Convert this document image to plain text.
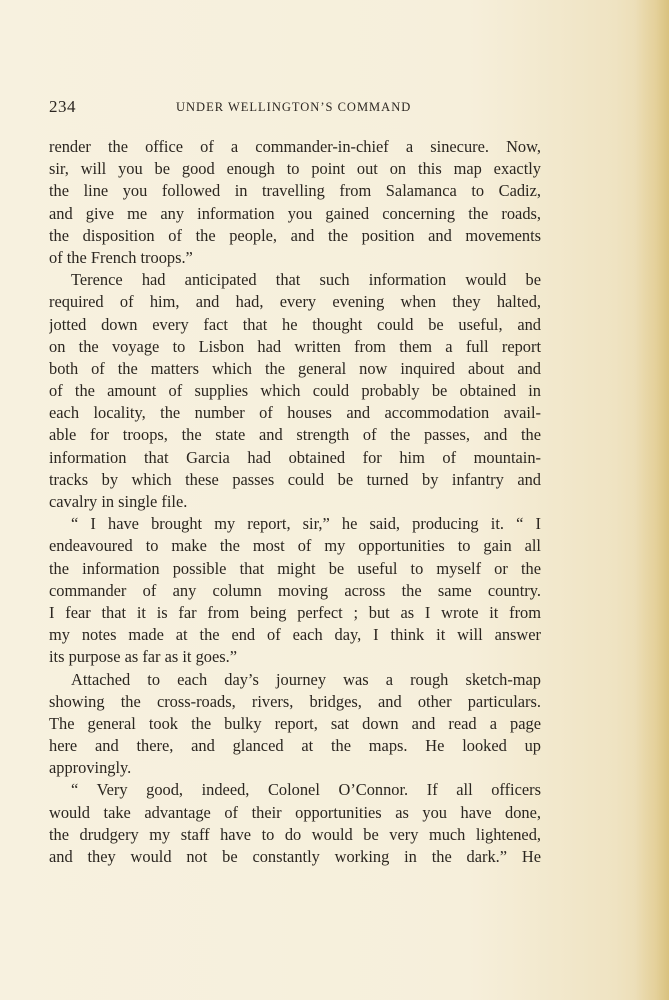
234	UNDER WELLINGTON’S COMMAND
render the office of a commander-in-chief a sinecure. Now,
sir, will you be good enough to point out on this map exactly
the line you followed in travelling from Salamanca to Cadiz,
and give me any information you gained concerning the roads,
the disposition of the people, and the position and movements
of the French troops.”
Terence had anticipated that such information would be
required of him, and had, every evening when they halted,
jotted down every fact that he thought could be useful, and
on the voyage to Lisbon had written from them a full report
both of the matters which the general now inquired about and
of the amount of supplies which could probably be obtained in
each locality, the number of houses and accommodation avail-
able for troops, the state and strength of the passes, and the
information that Garcia had obtained for him of mountain-
tracks by which these passes could be turned by infantry and
cavalry in single file.
“ I have brought my report, sir,” he said, producing it. “ I
endeavoured to make the most of my opportunities to gain all
the information possible that might be useful to myself or the
commander of any column moving across the same country.
I fear that it is far from being perfect ; but as I wrote it from
my notes made at the end of each day, I think it will answer
its purpose as far as it goes.”
Attached to each day’s journey was a rough sketch-map
showing the cross-roads, rivers, bridges, and other particulars.
The general took the bulky report, sat down and read a page
here and there, and glanced at the maps. He looked up
approvingly.
“ Very good, indeed, Colonel O’Connor. If all officers
would take advantage of their opportunities as you have done,
the drudgery my staff have to do would be very much lightened,
and they would not be constantly working in the dark.” He
